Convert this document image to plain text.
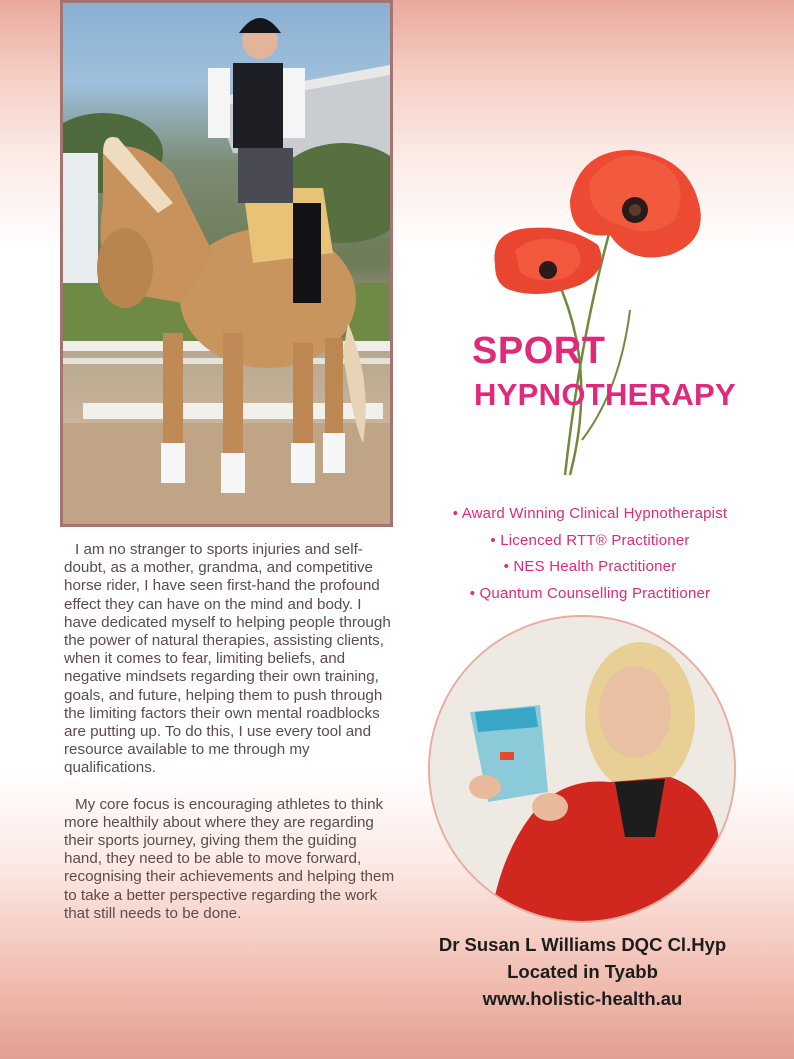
SPORT
HYPNOTHERAPY
• Award Winning Clinical Hypnotherapist
• Licenced RTT® Practitioner
• NES Health Practitioner
• Quantum Counselling Practitioner

I am no stranger to sports injuries and self-doubt, as a mother, grandma, and competitive horse rider, I have seen first-hand the profound effect they can have on the mind and body. I have dedicated myself to helping people through the power of natural therapies, assisting clients, when it comes to fear, limiting beliefs, and negative mindsets regarding their own training, goals, and future, helping them to push through the limiting factors their own mental roadblocks are putting up. To do this, I use every tool and resource available to me through my qualifications.

My core focus is encouraging athletes to think more healthily about where they are regarding their sports journey, giving them the guiding hand, they need to be able to move forward, recognising their achievements and helping them to take a better perspective regarding the work that still needs to be done.

Dr Susan L Williams DQC Cl.Hyp
Located in Tyabb
www.holistic-health.au
